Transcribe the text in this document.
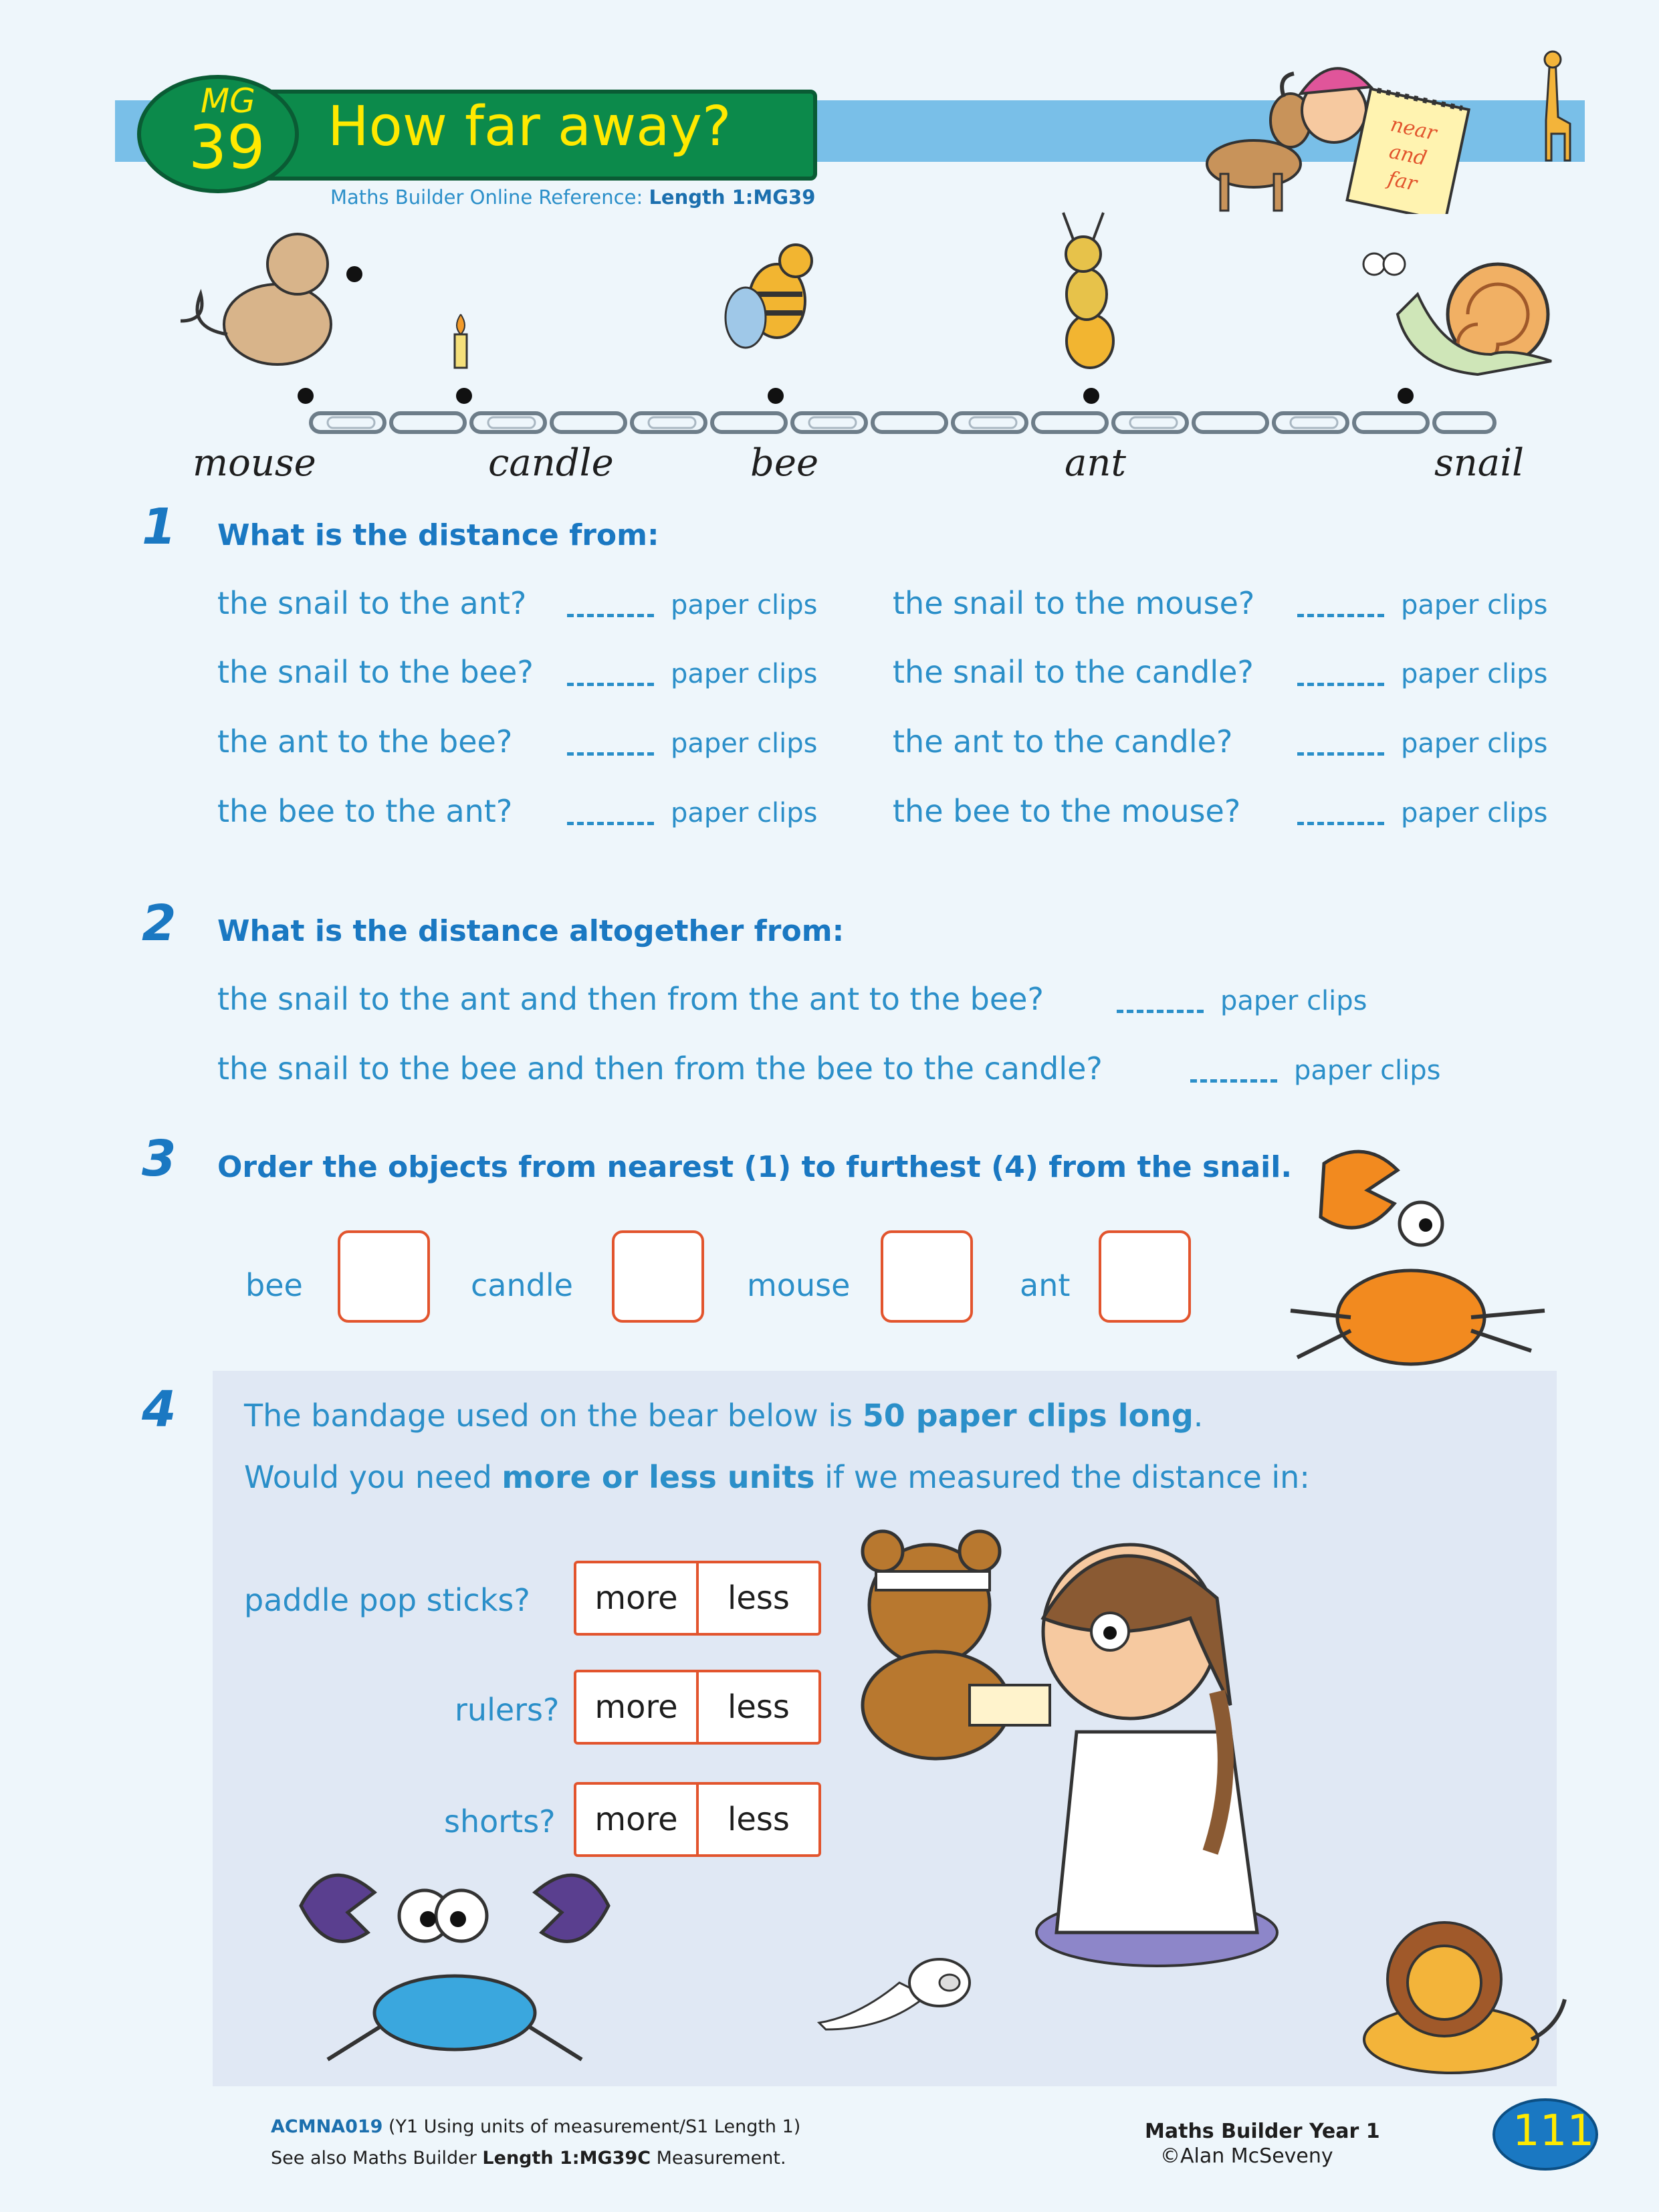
How far away?
MG
39
Maths Builder Online Reference: Length 1:MG39
near
and
far
mouse	candle	bee	ant	snail
1 What is the distance from:
the snail to the ant?	paper clips
the snail to the bee?	paper clips
the ant to the bee?	paper clips
the bee to the ant?	paper clips
the snail to the mouse?	paper clips
the snail to the candle?	paper clips
the ant to the candle?	paper clips
the bee to the mouse?	paper clips
2 What is the distance altogether from:
the snail to the ant and then from the ant to the bee?	paper clips
the snail to the bee and then from the bee to the candle?	paper clips
3 Order the objects from nearest (1) to furthest (4) from the snail.
bee	candle	mouse	ant
4 The bandage used on the bear below is 50 paper clips long.
Would you need more or less units if we measured the distance in:
paddle pop sticks?	more	less
rulers?	more	less
shorts?	more	less
ACMNA019 (Y1 Using units of measurement/S1 Length 1)
See also Maths Builder Length 1:MG39C Measurement.
Maths Builder Year 1
©Alan McSeveny
111
